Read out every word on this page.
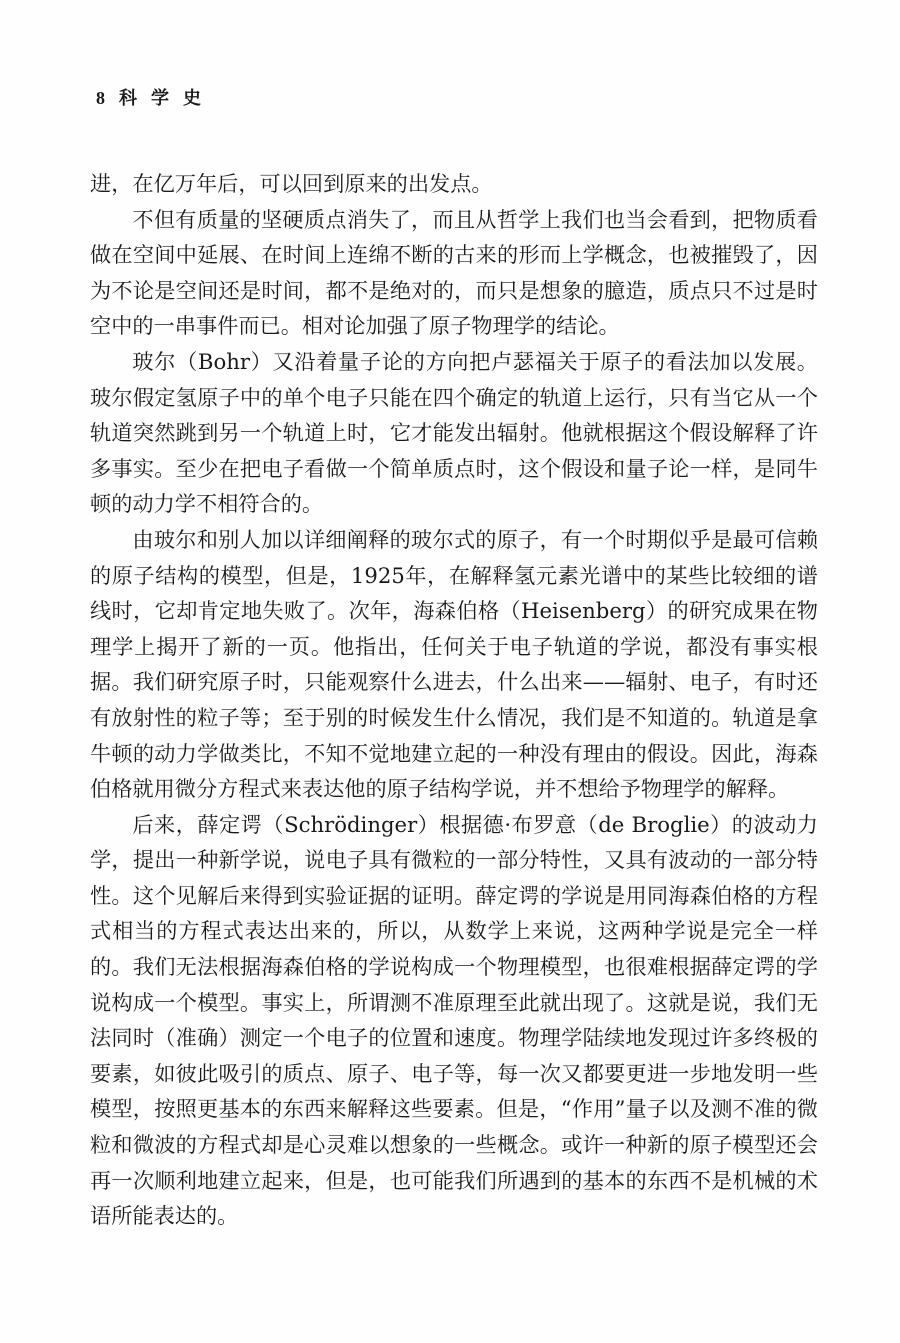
8 科学史

进，在亿万年后，可以回到原来的出发点。

不但有质量的坚硬质点消失了，而且从哲学上我们也当会看到，把物质看做在空间中延展、在时间上连绵不断的古来的形而上学概念，也被摧毁了，因为不论是空间还是时间，都不是绝对的，而只是想象的臆造，质点只不过是时空中的一串事件而已。相对论加强了原子物理学的结论。

玻尔（Bohr）又沿着量子论的方向把卢瑟福关于原子的看法加以发展。玻尔假定氢原子中的单个电子只能在四个确定的轨道上运行，只有当它从一个轨道突然跳到另一个轨道上时，它才能发出辐射。他就根据这个假设解释了许多事实。至少在把电子看做一个简单质点时，这个假设和量子论一样，是同牛顿的动力学不相符合的。

由玻尔和别人加以详细阐释的玻尔式的原子，有一个时期似乎是最可信赖的原子结构的模型，但是，1925年，在解释氢元素光谱中的某些比较细的谱线时，它却肯定地失败了。次年，海森伯格（Heisenberg）的研究成果在物理学上揭开了新的一页。他指出，任何关于电子轨道的学说，都没有事实根据。我们研究原子时，只能观察什么进去，什么出来——辐射、电子，有时还有放射性的粒子等；至于别的时候发生什么情况，我们是不知道的。轨道是拿牛顿的动力学做类比，不知不觉地建立起的一种没有理由的假设。因此，海森伯格就用微分方程式来表达他的原子结构学说，并不想给予物理学的解释。

后来，薛定谔（Schrödinger）根据德·布罗意（de Broglie）的波动力学，提出一种新学说，说电子具有微粒的一部分特性，又具有波动的一部分特性。这个见解后来得到实验证据的证明。薛定谔的学说是用同海森伯格的方程式相当的方程式表达出来的，所以，从数学上来说，这两种学说是完全一样的。我们无法根据海森伯格的学说构成一个物理模型，也很难根据薛定谔的学说构成一个模型。事实上，所谓测不准原理至此就出现了。这就是说，我们无法同时（准确）测定一个电子的位置和速度。物理学陆续地发现过许多终极的要素，如彼此吸引的质点、原子、电子等，每一次又都要更进一步地发明一些模型，按照更基本的东西来解释这些要素。但是，“作用”量子以及测不准的微粒和微波的方程式却是心灵难以想象的一些概念。或许一种新的原子模型还会再一次顺利地建立起来，但是，也可能我们所遇到的基本的东西不是机械的术语所能表达的。
